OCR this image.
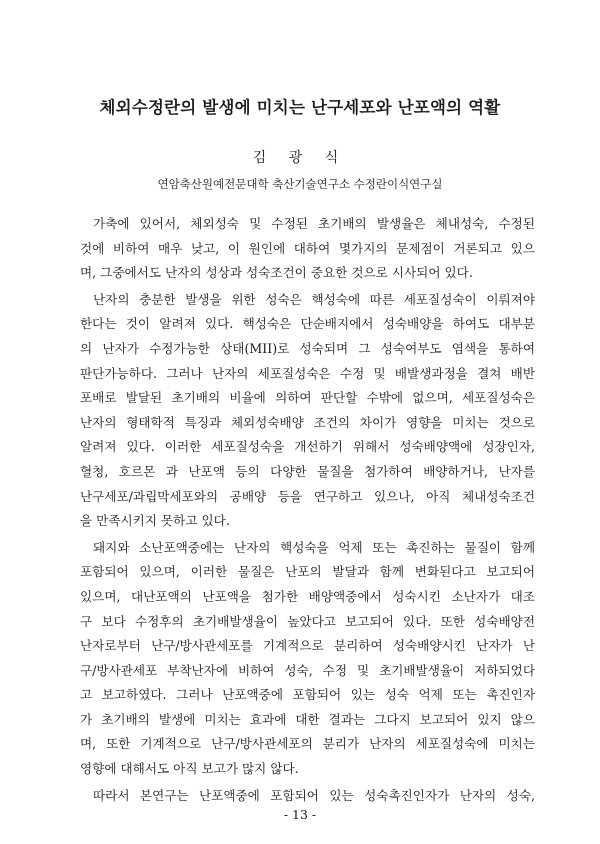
체외수정란의 발생에 미치는 난구세포와 난포액의 역활
김 광 식
연암축산원예전문대학 축산기술연구소 수정란이식연구실
가축에 있어서, 체외성숙 및 수정된 초기배의 발생율은 체내성숙, 수정된
것에 비하여 매우 낮고, 이 원인에 대하여 몇가지의 문제점이 거론되고 있으
며, 그중에서도 난자의 성상과 성숙조건이 중요한 것으로 시사되어 있다.
난자의 충분한 발생을 위한 성숙은 핵성숙에 따른 세포질성숙이 이뤄져야
한다는 것이 알려져 있다. 핵성숙은 단순배지에서 성숙배양을 하여도 대부분
의 난자가 수정가능한 상태(MII)로 성숙되며 그 성숙여부도 염색을 통하여
판단가능하다. 그러나 난자의 세포질성숙은 수정 및 배발생과정을 결쳐 배반
포배로 발달된 초기배의 비율에 의하여 판단할 수밖에 없으며, 세포질성숙은
난자의 형태학적 특징과 체외성숙배양 조건의 차이가 영향을 미치는 것으로
알려져 있다. 이러한 세포질성숙을 개선하기 위해서 성숙배양액에 성장인자,
혈청, 호르몬 과 난포액 등의 다양한 물질을 첨가하여 배양하거나, 난자를
난구세포/과립막세포와의 공배양 등을 연구하고 있으나, 아직 체내성숙조건
을 만족시키지 못하고 있다.
돼지와 소난포액중에는 난자의 핵성숙을 억제 또는 촉진하는 물질이 함께
포함되어 있으며, 이러한 물질은 난포의 발달과 함께 변화된다고 보고되어
있으며, 대난포액의 난포액을 첨가한 배양액중에서 성숙시킨 소난자가 대조
구 보다 수정후의 초기배발생율이 높았다고 보고되어 있다. 또한 성숙배양전
난자로부터 난구/방사관세포를 기계적으로 분리하여 성숙배양시킨 난자가 난
구/방사관세포 부착난자에 비하여 성숙, 수정 및 초기배발생율이 저하되었다
고 보고하였다. 그러나 난포액중에 포함되어 있는 성숙 억제 또는 촉진인자
가 초기배의 발생에 미치는 효과에 대한 결과는 그다지 보고되어 있지 않으
며, 또한 기계적으로 난구/방사관세포의 분리가 난자의 세포질성숙에 미치는
영향에 대해서도 아직 보고가 많지 않다.
따라서 본연구는 난포액중에 포함되어 있는 성숙촉진인자가 난자의 성숙,
- 13 -
